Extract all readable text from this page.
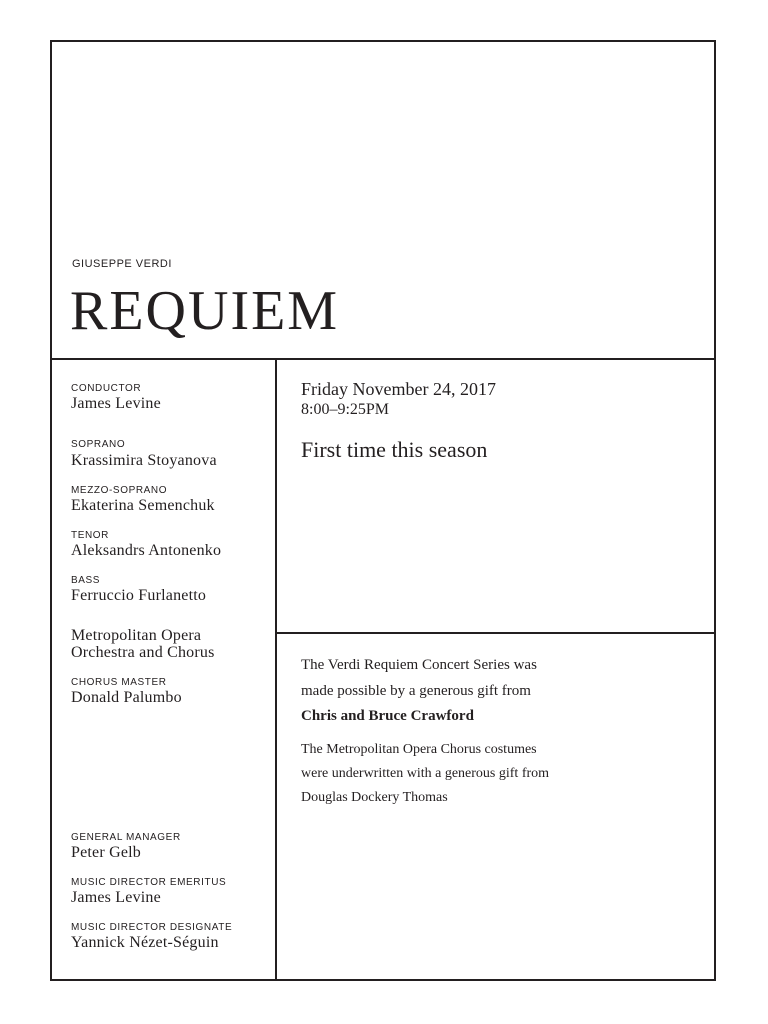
GIUSEPPE VERDI
REQUIEM
CONDUCTOR
James Levine
SOPRANO
Krassimira Stoyanova
MEZZO-SOPRANO
Ekaterina Semenchuk
TENOR
Aleksandrs Antonenko
BASS
Ferruccio Furlanetto
Metropolitan Opera
Orchestra and Chorus
CHORUS MASTER
Donald Palumbo
GENERAL MANAGER
Peter Gelb
MUSIC DIRECTOR EMERITUS
James Levine
MUSIC DIRECTOR DESIGNATE
Yannick Nézet-Séguin
Friday November 24, 2017
8:00–9:25PM
First time this season
The Verdi Requiem Concert Series was
made possible by a generous gift from
Chris and Bruce Crawford
The Metropolitan Opera Chorus costumes
were underwritten with a generous gift from
Douglas Dockery Thomas
